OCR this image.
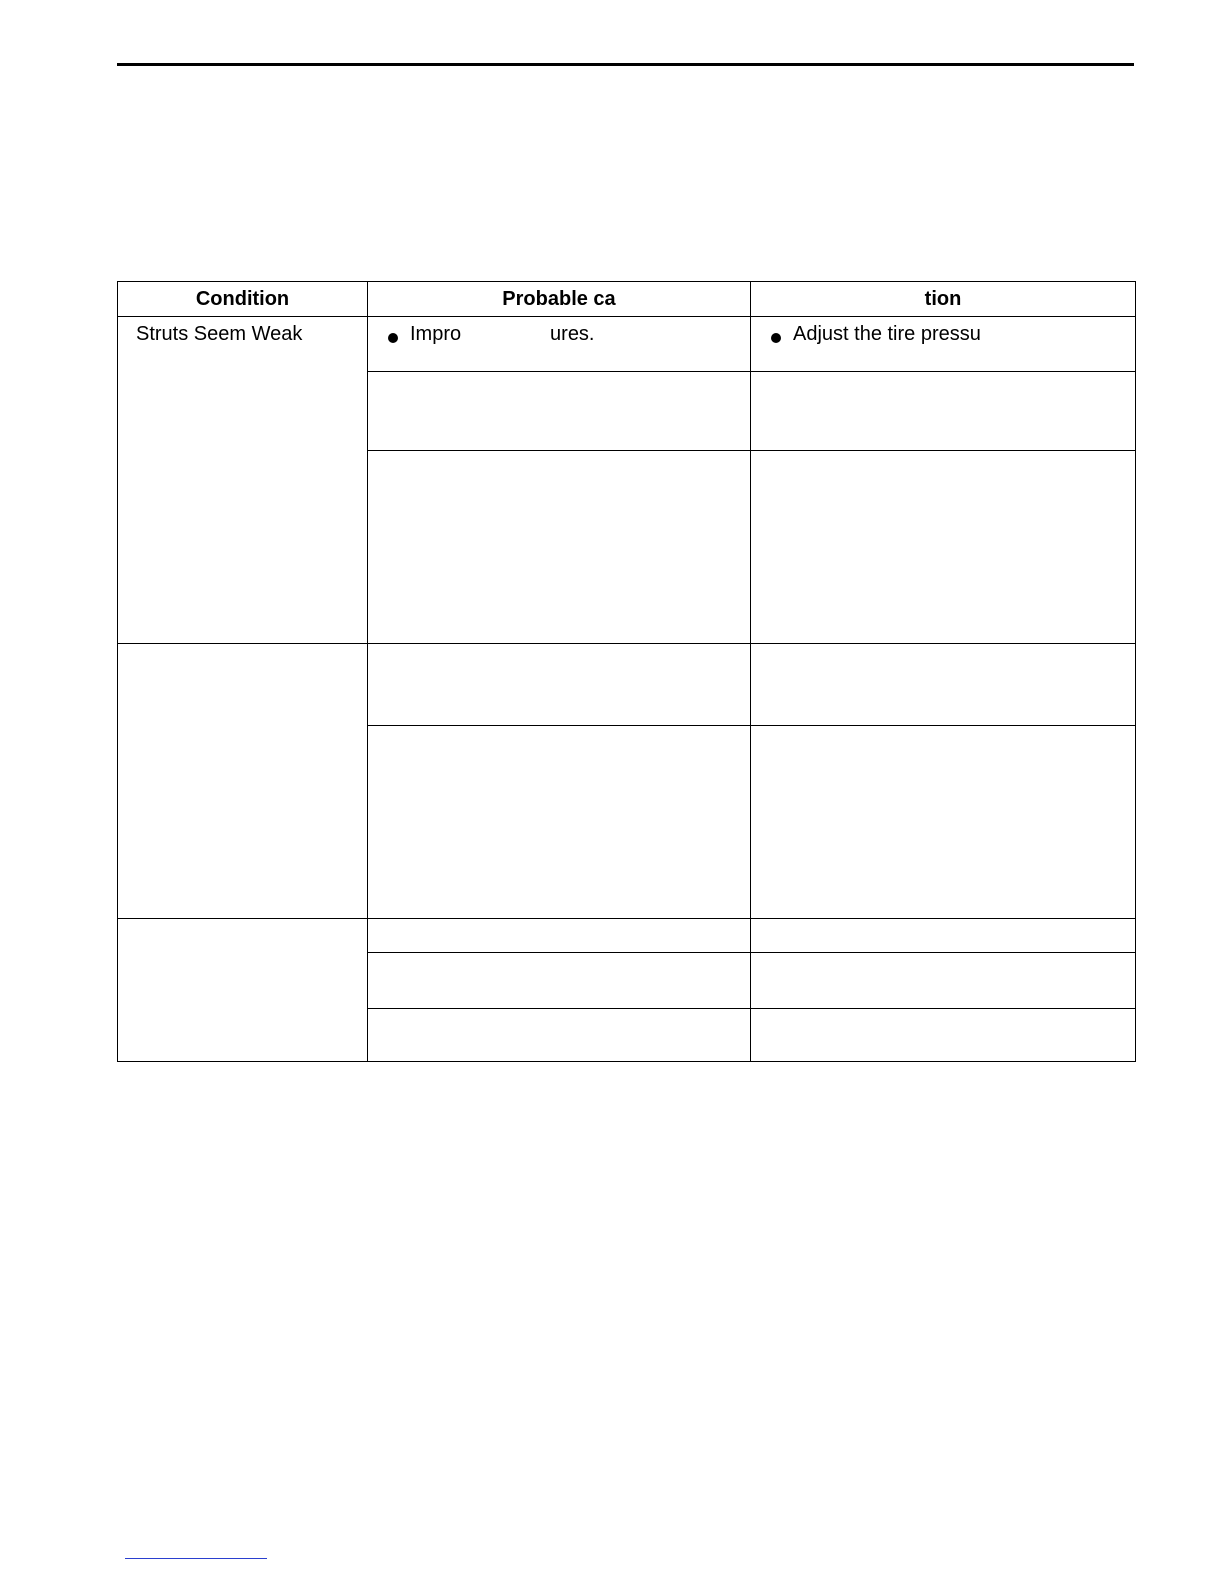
Condition	Probable ca	tion

Struts Seem Weak	Impro                ures.	Adjust the tire pressu
